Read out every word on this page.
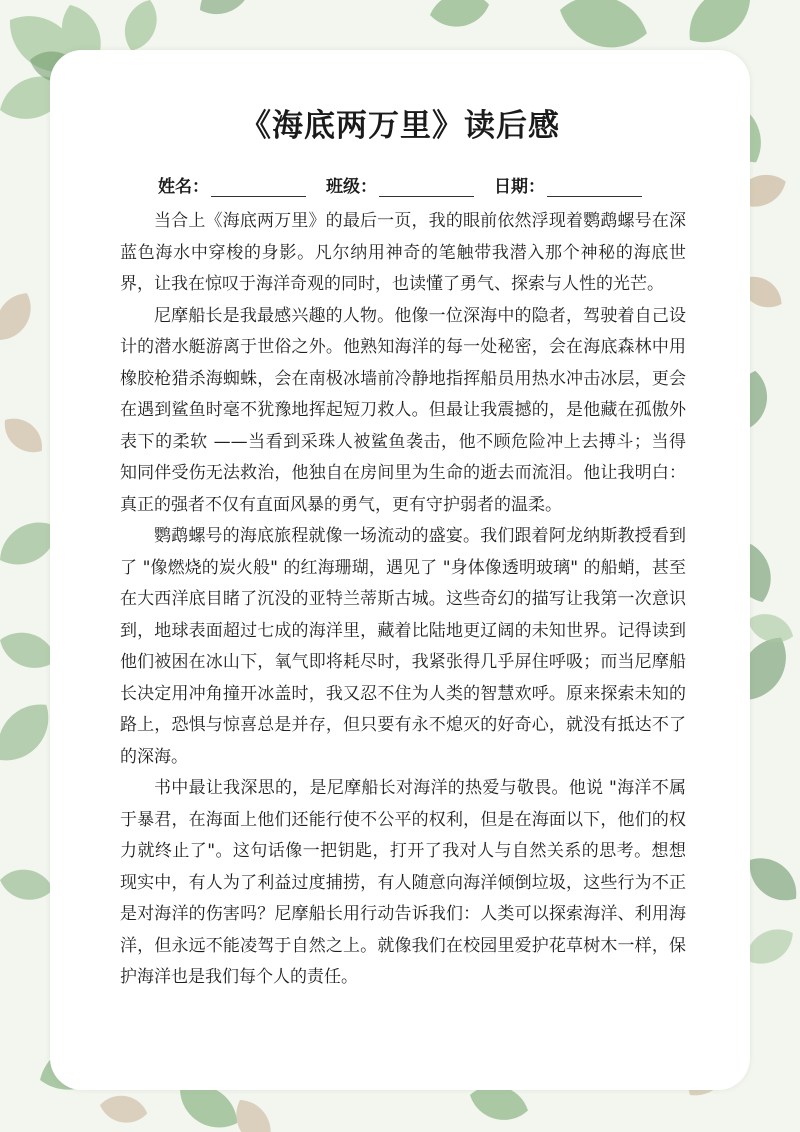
《海底两万里》读后感
姓名：	班级：	日期：

当合上《海底两万里》的最后一页，我的眼前依然浮现着鹦鹉螺号在深蓝色海水中穿梭的身影。凡尔纳用神奇的笔触带我潜入那个神秘的海底世界，让我在惊叹于海洋奇观的同时，也读懂了勇气、探索与人性的光芒。

尼摩船长是我最感兴趣的人物。他像一位深海中的隐者，驾驶着自己设计的潜水艇游离于世俗之外。他熟知海洋的每一处秘密，会在海底森林中用橡胶枪猎杀海蜘蛛，会在南极冰墙前冷静地指挥船员用热水冲击冰层，更会在遇到鲨鱼时毫不犹豫地挥起短刀救人。但最让我震撼的，是他藏在孤傲外表下的柔软 ——当看到采珠人被鲨鱼袭击，他不顾危险冲上去搏斗；当得知同伴受伤无法救治，他独自在房间里为生命的逝去而流泪。他让我明白：真正的强者不仅有直面风暴的勇气，更有守护弱者的温柔。

鹦鹉螺号的海底旅程就像一场流动的盛宴。我们跟着阿龙纳斯教授看到了 "像燃烧的炭火般" 的红海珊瑚，遇见了 "身体像透明玻璃" 的船蛸，甚至在大西洋底目睹了沉没的亚特兰蒂斯古城。这些奇幻的描写让我第一次意识到，地球表面超过七成的海洋里，藏着比陆地更辽阔的未知世界。记得读到他们被困在冰山下，氧气即将耗尽时，我紧张得几乎屏住呼吸；而当尼摩船长决定用冲角撞开冰盖时，我又忍不住为人类的智慧欢呼。原来探索未知的路上，恐惧与惊喜总是并存，但只要有永不熄灭的好奇心，就没有抵达不了的深海。

书中最让我深思的，是尼摩船长对海洋的热爱与敬畏。他说 "海洋不属于暴君，在海面上他们还能行使不公平的权利，但是在海面以下，他们的权力就终止了"。这句话像一把钥匙，打开了我对人与自然关系的思考。想想现实中，有人为了利益过度捕捞，有人随意向海洋倾倒垃圾，这些行为不正是对海洋的伤害吗？尼摩船长用行动告诉我们：人类可以探索海洋、利用海洋，但永远不能凌驾于自然之上。就像我们在校园里爱护花草树木一样，保护海洋也是我们每个人的责任。
